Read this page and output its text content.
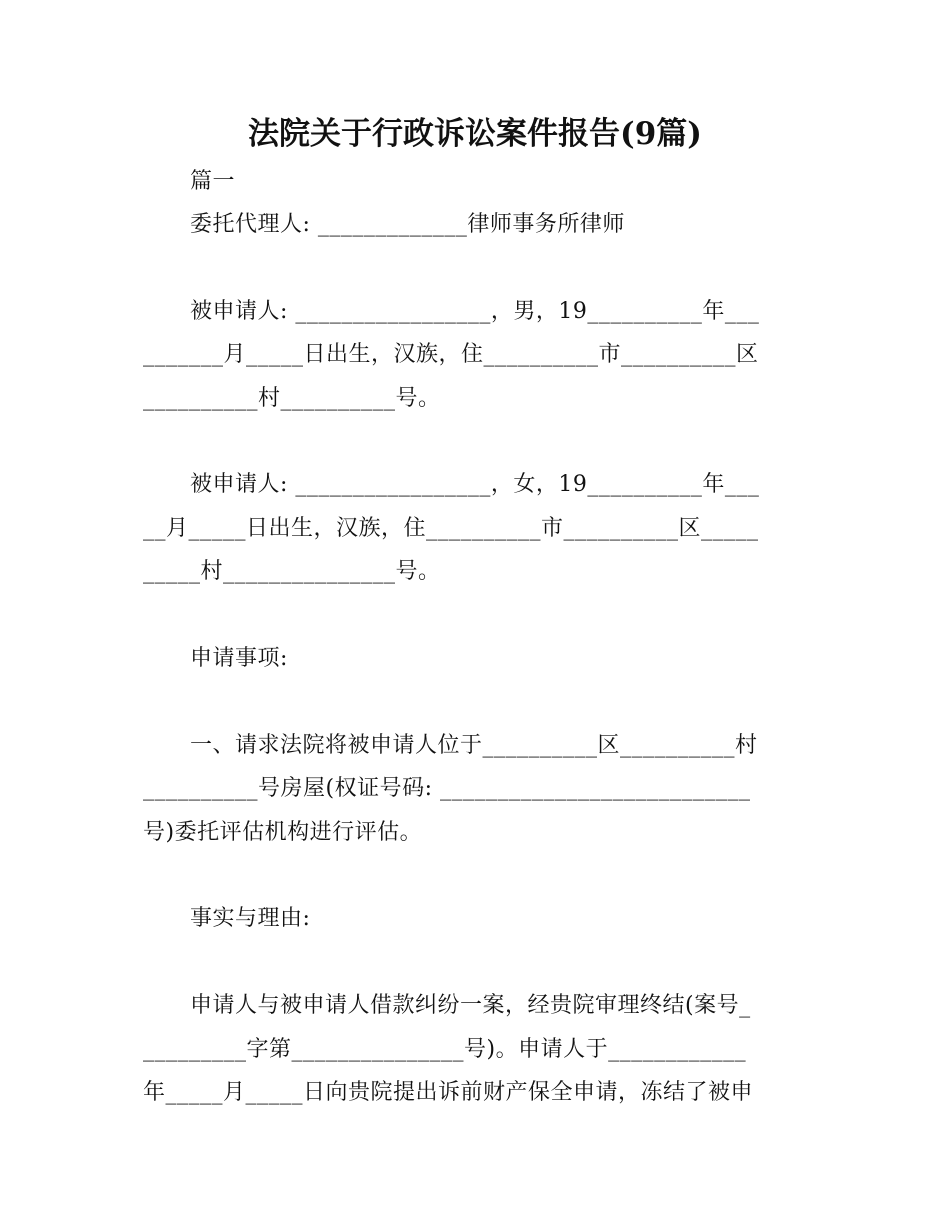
法院关于行政诉讼案件报告(9篇)
篇一
委托代理人: _____________律师事务所律师
被申请人: _________________，男，19__________年___
_______月_____日出生，汉族，住__________市__________区
__________村__________号。
被申请人: _________________，女，19__________年___
__月_____日出生，汉族，住__________市__________区_____
_____村_______________号。
申请事项:
一、请求法院将被申请人位于__________区__________村
__________号房屋(权证号码: ___________________________
号)委托评估机构进行评估。
事实与理由:
申请人与被申请人借款纠纷一案，经贵院审理终结(案号_
_________字第_______________号)。申请人于____________
年_____月_____日向贵院提出诉前财产保全申请，冻结了被申
